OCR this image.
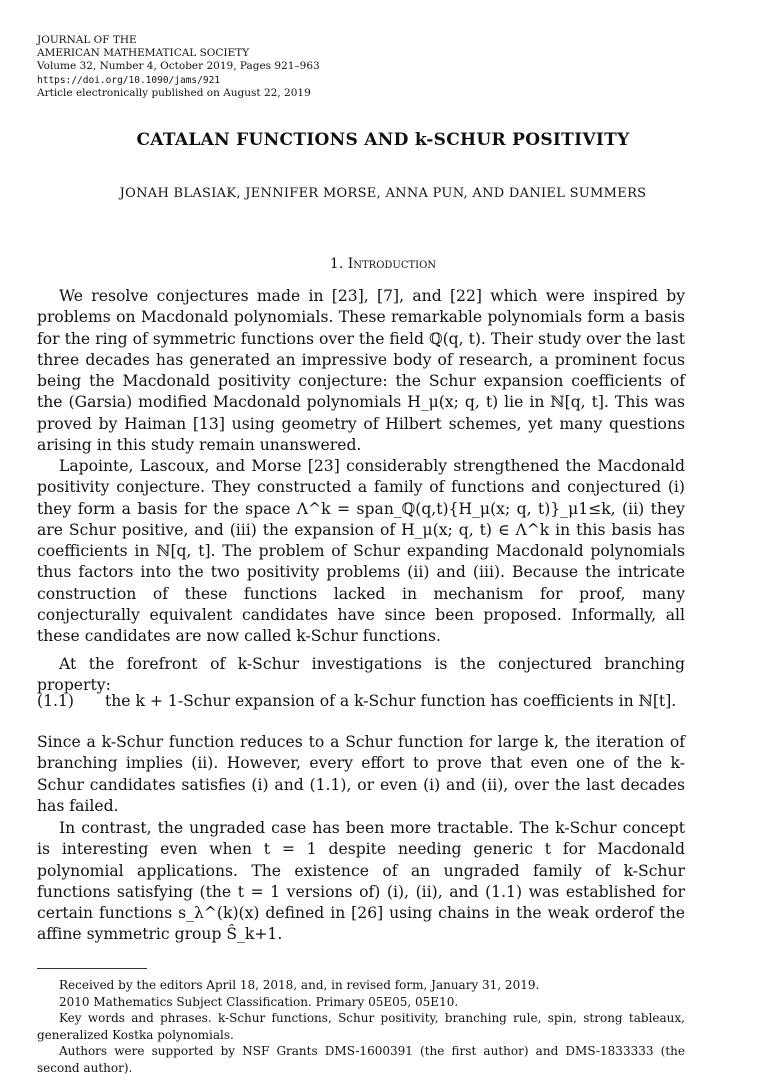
JOURNAL OF THE
AMERICAN MATHEMATICAL SOCIETY
Volume 32, Number 4, October 2019, Pages 921–963
https://doi.org/10.1090/jams/921
Article electronically published on August 22, 2019
CATALAN FUNCTIONS AND k-SCHUR POSITIVITY
JONAH BLASIAK, JENNIFER MORSE, ANNA PUN, AND DANIEL SUMMERS
1. Introduction

We resolve conjectures made in [23], [7], and [22] which were inspired by problems on Macdonald polynomials. These remarkable polynomials form a basis for the ring of symmetric functions over the field ℚ(q, t). Their study over the last three decades has generated an impressive body of research, a prominent focus being the Macdonald positivity conjecture: the Schur expansion coefficients of the (Garsia) modified Macdonald polynomials H_μ(x; q, t) lie in ℕ[q, t]. This was proved by Haiman [13] using geometry of Hilbert schemes, yet many questions arising in this study remain unanswered.

Lapointe, Lascoux, and Morse [23] considerably strengthened the Macdonald positivity conjecture. They constructed a family of functions and conjectured (i) they form a basis for the space Λ^k = span_ℚ(q,t){H_μ(x; q, t)}_μ1≤k, (ii) they are Schur positive, and (iii) the expansion of H_μ(x; q, t) ∈ Λ^k in this basis has coefficients in ℕ[q, t]. The problem of Schur expanding Macdonald polynomials thus factors into the two positivity problems (ii) and (iii). Because the intricate construction of these functions lacked in mechanism for proof, many conjecturally equivalent candidates have since been proposed. Informally, all these candidates are now called k-Schur functions.

At the forefront of k-Schur investigations is the conjectured branching property:

(1.1) the k + 1-Schur expansion of a k-Schur function has coefficients in ℕ[t].

Since a k-Schur function reduces to a Schur function for large k, the iteration of branching implies (ii). However, every effort to prove that even one of the k-Schur candidates satisfies (i) and (1.1), or even (i) and (ii), over the last decades has failed.

In contrast, the ungraded case has been more tractable. The k-Schur concept is interesting even when t = 1 despite needing generic t for Macdonald polynomial applications. The existence of an ungraded family of k-Schur functions satisfying (the t = 1 versions of) (i), (ii), and (1.1) was established for certain functions s_λ^(k)(x) defined in [26] using chains in the weak orderof the affine symmetric group Ŝ_k+1.

Received by the editors April 18, 2018, and, in revised form, January 31, 2019.

2010 Mathematics Subject Classification. Primary 05E05, 05E10.

Key words and phrases. k-Schur functions, Schur positivity, branching rule, spin, strong tableaux, generalized Kostka polynomials.

Authors were supported by NSF Grants DMS-1600391 (the first author) and DMS-1833333 (the second author).
